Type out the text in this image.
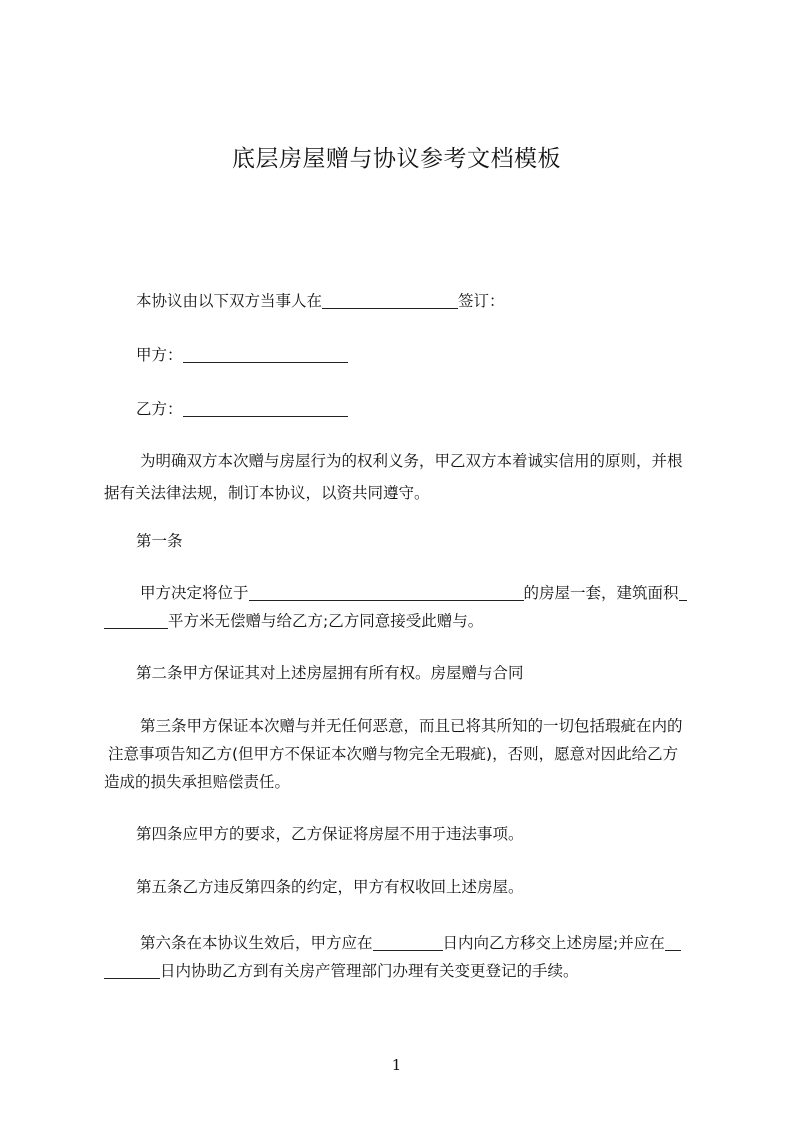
底层房屋赠与协议参考文档模板
本协议由以下双方当事人在	签订：
甲方：
乙方：
为明确双方本次赠与房屋行为的权利义务，甲乙双方本着诚实信用的原则，并根
据有关法律法规，制订本协议，以资共同遵守。
第一条
甲方决定将位于	的房屋一套，建筑面积
平方米无偿赠与给乙方;乙方同意接受此赠与。
第二条甲方保证其对上述房屋拥有所有权。房屋赠与合同
第三条甲方保证本次赠与并无任何恶意，而且已将其所知的一切包括瑕疵在内的
注意事项告知乙方(但甲方不保证本次赠与物完全无瑕疵)，否则，愿意对因此给乙方
造成的损失承担赔偿责任。
第四条应甲方的要求，乙方保证将房屋不用于违法事项。
第五条乙方违反第四条的约定，甲方有权收回上述房屋。
第六条在本协议生效后，甲方应在	日内向乙方移交上述房屋;并应在
日内协助乙方到有关房产管理部门办理有关变更登记的手续。
1
